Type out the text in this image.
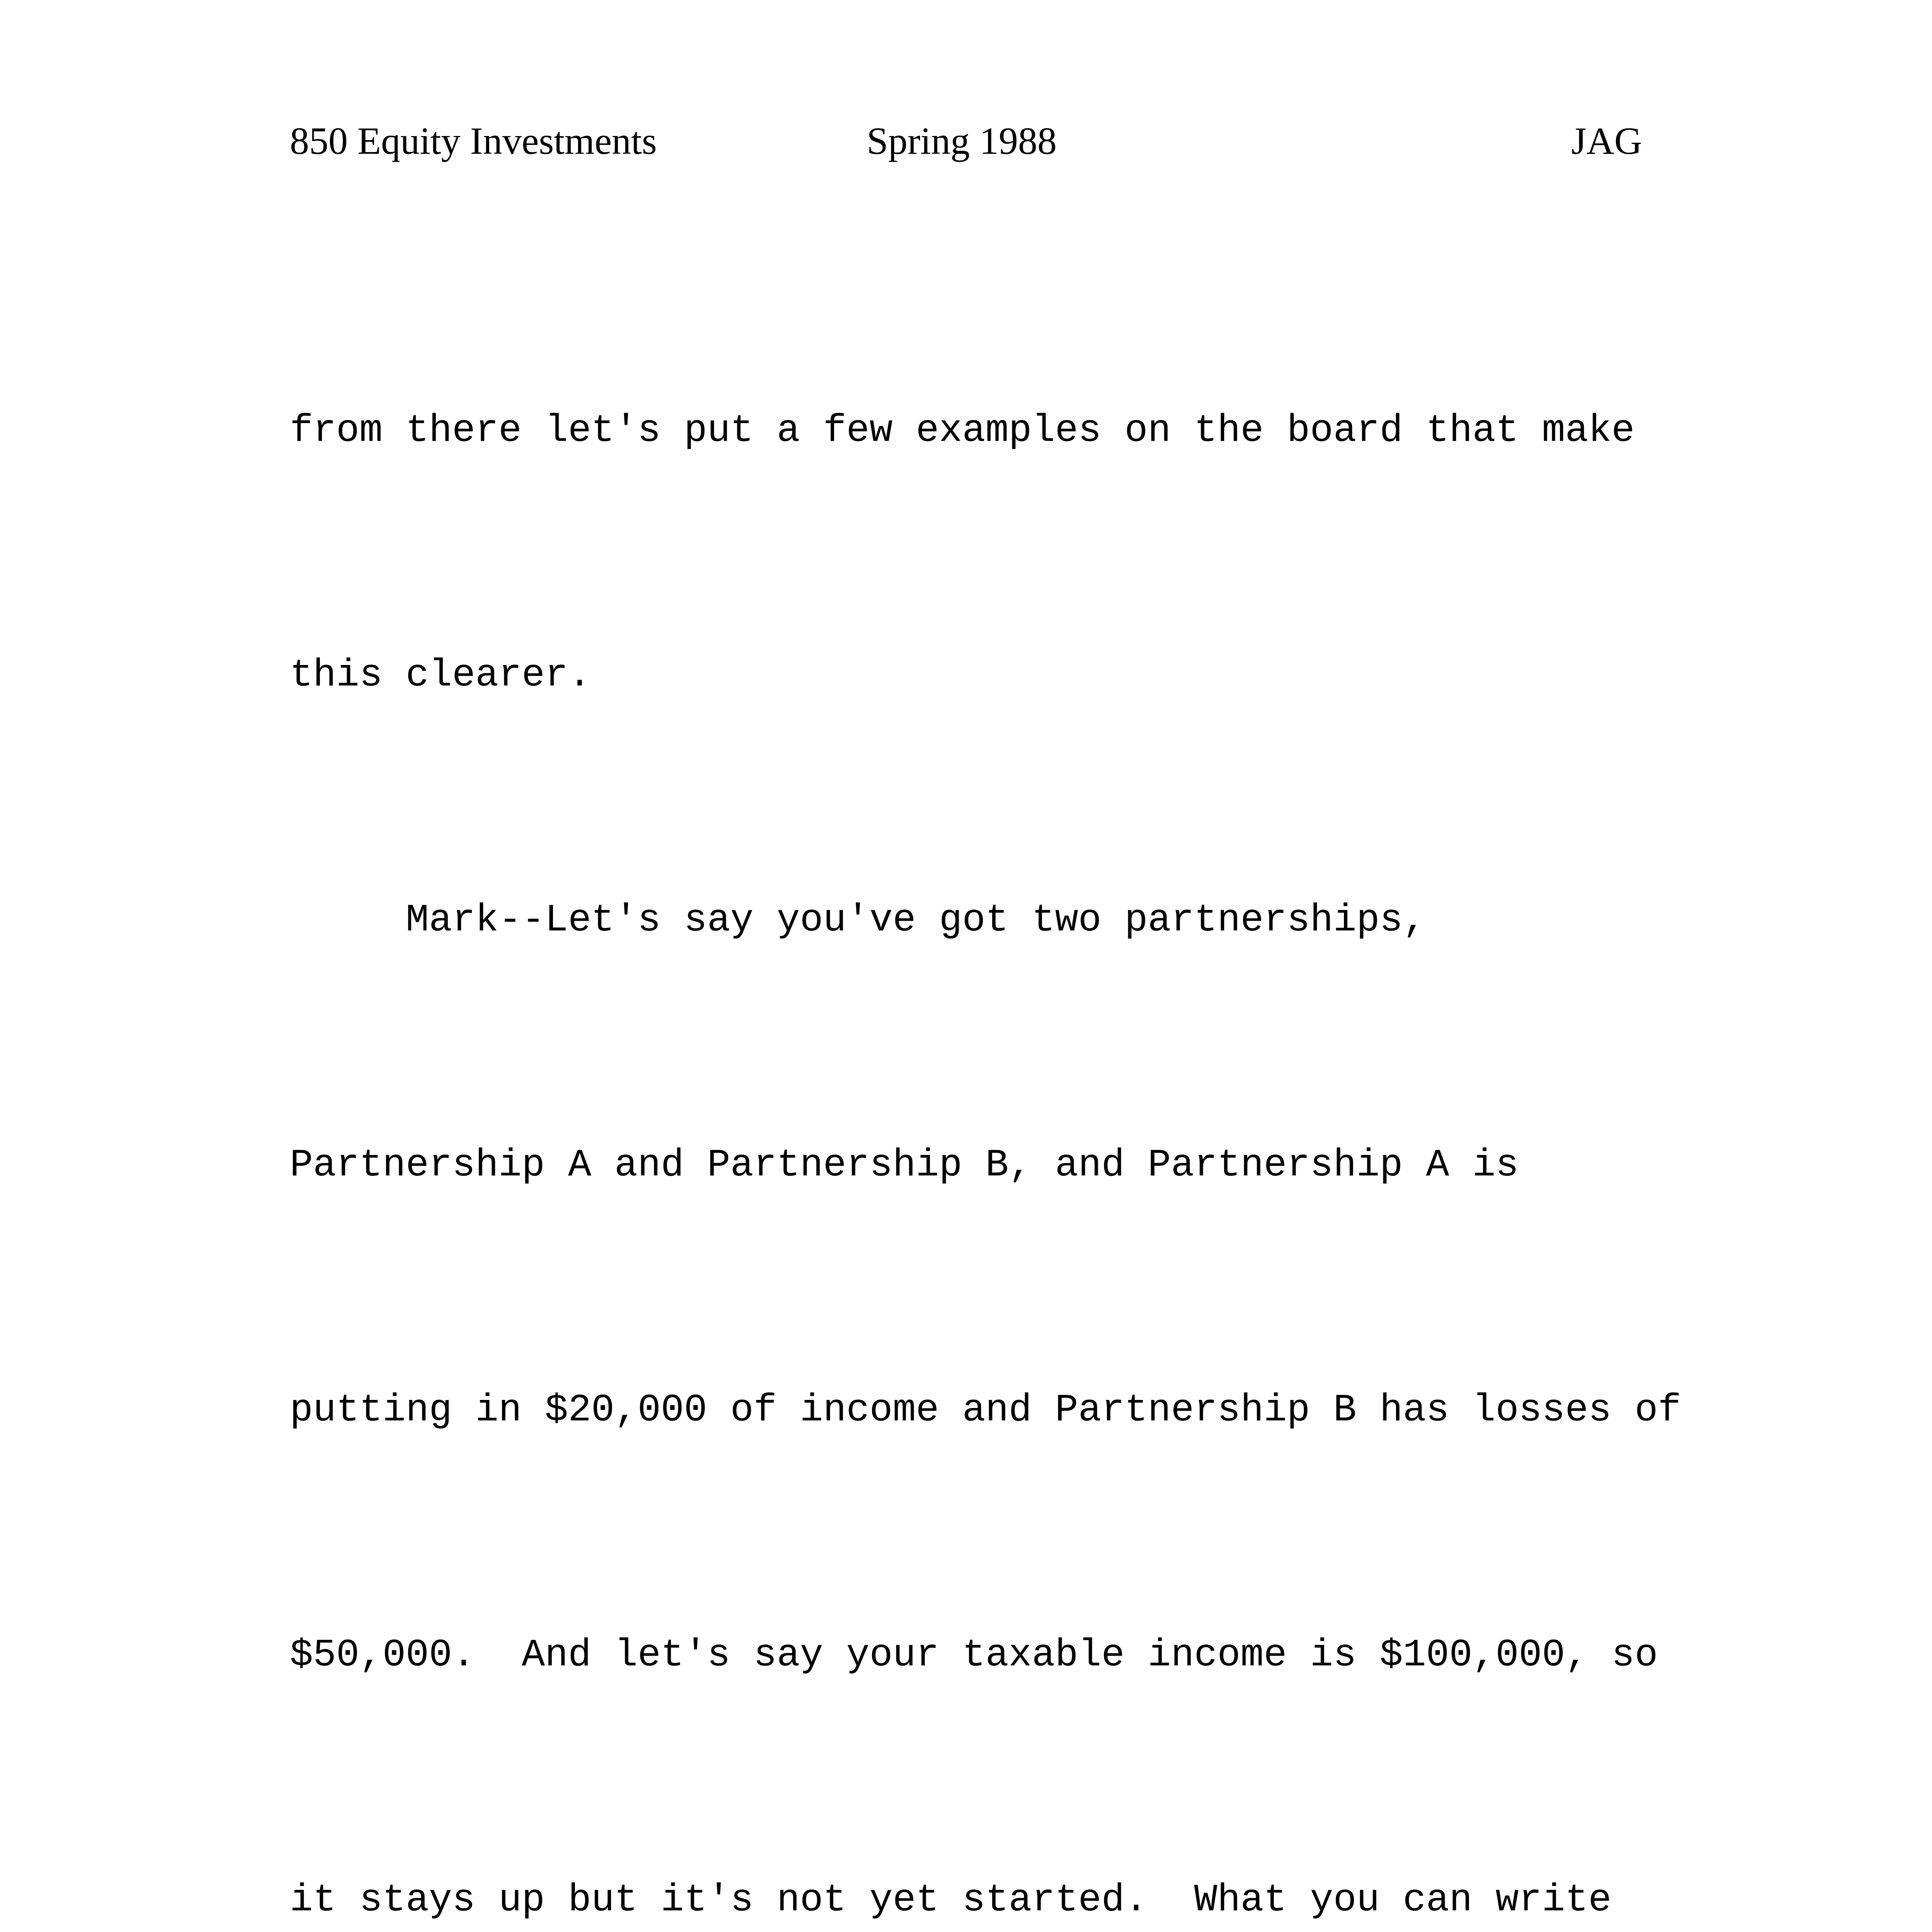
850 Equity Investments	Spring 1988	JAG

from there let's put a few examples on the board that make

this clearer.

Mark--Let's say you've got two partnerships,

Partnership A and Partnership B, and Partnership A is

putting in $20,000 of income and Partnership B has losses of

$50,000.  And let's say your taxable income is $100,000, so

it stays up but it's not yet started.  What you can write
